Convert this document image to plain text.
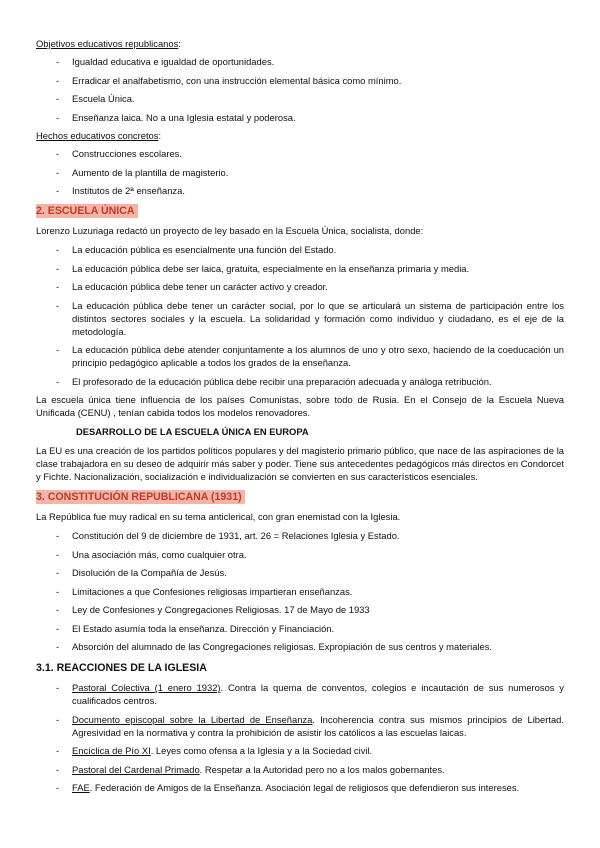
Objetivos educativos republicanos:
- Igualdad educativa e igualdad de oportunidades.
- Erradicar el analfabetismo, con una instrucción elemental básica como mínimo.
- Escuela Única.
- Enseñanza laica. No a una Iglesia estatal y poderosa.
Hechos educativos concretos:
- Construcciones escolares.
- Aumento de la plantilla de magisterio.
- Institutos de 2ª enseñanza.
2. ESCUELA ÚNICA
Lorenzo Luzuriaga redactó un proyecto de ley basado en la Escuela Única, socialista, donde:
- La educación pública es esencialmente una función del Estado.
- La educación pública debe ser laica, gratuita, especialmente en la enseñanza primaria y media.
- La educación pública debe tener un carácter activo y creador.
- La educación pública debe tener un carácter social, por lo que se articulará un sistema de participación entre los distintos sectores sociales y la escuela. La solidaridad y formación como individuo y ciudadano, es el eje de la metodología.
- La educación pública debe atender conjuntamente a los alumnos de uno y otro sexo, haciendo de la coeducación un principio pedagógico aplicable a todos los grados de la enseñanza.
- El profesorado de la educación pública debe recibir una preparación adecuada y análoga retribución.
La escuela única tiene influencia de los países Comunistas, sobre todo de Rusia. En el Consejo de la Escuela Nueva Unificada (CENU) , tenían cabida todos los modelos renovadores.
DESARROLLO DE LA ESCUELA ÚNICA EN EUROPA
La EU es una creación de los partidos políticos populares y del magisterio primario público, que nace de las aspiraciones de la clase trabajadora en su deseo de adquirir más saber y poder. Tiene sus antecedentes pedagógicos más directos en Condorcet y Fichte. Nacionalización, socialización e individualización se convierten en sus característicos esenciales.
3. CONSTITUCIÓN REPUBLICANA (1931)
La República fue muy radical en su tema anticlerical, con gran enemistad con la Iglesia.
- Constitución del 9 de diciembre de 1931, art. 26 = Relaciones Iglesia y Estado.
- Una asociación más, como cualquier otra.
- Disolución de la Compañía de Jesús.
- Limitaciones a que Confesiones religiosas impartieran enseñanzas.
- Ley de Confesiones y Congregaciones Religiosas. 17 de Mayo de 1933
- El Estado asumía toda la enseñanza. Dirección y Financiación.
- Absorción del alumnado de las Congregaciones religiosas. Expropiación de sus centros y materiales.
3.1. REACCIONES DE LA IGLESIA
- Pastoral Colectiva (1 enero 1932). Contra la quema de conventos, colegios e incautación de sus numerosos y cualificados centros.
- Documento episcopal sobre la Libertad de Enseñanza. Incoherencia contra sus mismos principios de Libertad. Agresividad en la normativa y contra la prohibición de asistir los católicos a las escuelas laicas.
- Encíclica de Pío XI. Leyes como ofensa a la Iglesia y a la Sociedad civil.
- Pastoral del Cardenal Primado. Respetar a la Autoridad pero no a los malos gobernantes.
- FAE. Federación de Amigos de la Enseñanza. Asociación legal de religiosos que defendieron sus intereses.
